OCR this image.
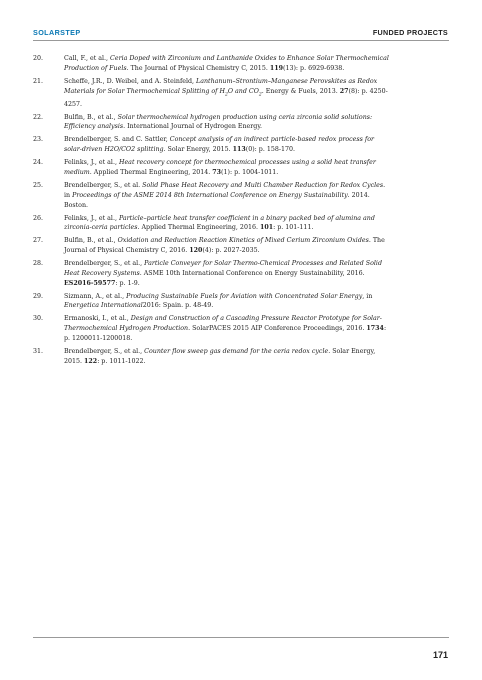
SOLARSTEP	FUNDED PROJECTS
20.	Call, F., et al., Ceria Doped with Zirconium and Lanthanide Oxides to Enhance Solar Thermochemical Production of Fuels. The Journal of Physical Chemistry C, 2015. 119(13): p. 6929-6938.
21.	Scheffe, J.R., D. Weibel, and A. Steinfeld, Lanthanum–Strontium–Manganese Perovskites as Redox Materials for Solar Thermochemical Splitting of $H_2O$ and $CO_2$. Energy & Fuels, 2013. 27(8): p. 4250-4257.
22.	Bulfin, B., et al., Solar thermochemical hydrogen production using ceria zirconia solid solutions: Efficiency analysis. International Journal of Hydrogen Energy.
23.	Brendelberger, S. and C. Sattler, Concept analysis of an indirect particle-based redox process for solar-driven H2O/CO2 splitting. Solar Energy, 2015. 113(0): p. 158-170.
24.	Felinks, J., et al., Heat recovery concept for thermochemical processes using a solid heat transfer medium. Applied Thermal Engineering, 2014. 73(1): p. 1004-1011.
25.	Brendelberger, S., et al. Solid Phase Heat Recovery and Multi Chamber Reduction for Redox Cycles. in Proceedings of the ASME 2014 8th International Conference on Energy Sustainability. 2014. Boston.
26.	Felinks, J., et al., Particle–particle heat transfer coefficient in a binary packed bed of alumina and zirconia-ceria particles. Applied Thermal Engineering, 2016. 101: p. 101-111.
27.	Bulfin, B., et al., Oxidation and Reduction Reaction Kinetics of Mixed Cerium Zirconium Oxides. The Journal of Physical Chemistry C, 2016. 120(4): p. 2027-2035.
28.	Brendelberger, S., et al., Particle Conveyer for Solar Thermo-Chemical Processes and Related Solid Heat Recovery Systems. ASME 10th International Conference on Energy Sustainability, 2016. ES2016-59577: p. 1-9.
29.	Sizmann, A., et al., Producing Sustainable Fuels for Aviation with Concentrated Solar Energy, in Energetica International2016: Spain. p. 48-49.
30.	Ermanoski, I., et al., Design and Construction of a Cascading Pressure Reactor Prototype for Solar-Thermochemical Hydrogen Production. SolarPACES 2015 AIP Conference Proceedings, 2016. 1734: p. 1200011-1200018.
31.	Brendelberger, S., et al., Counter flow sweep gas demand for the ceria redox cycle. Solar Energy, 2015. 122: p. 1011-1022.
171
